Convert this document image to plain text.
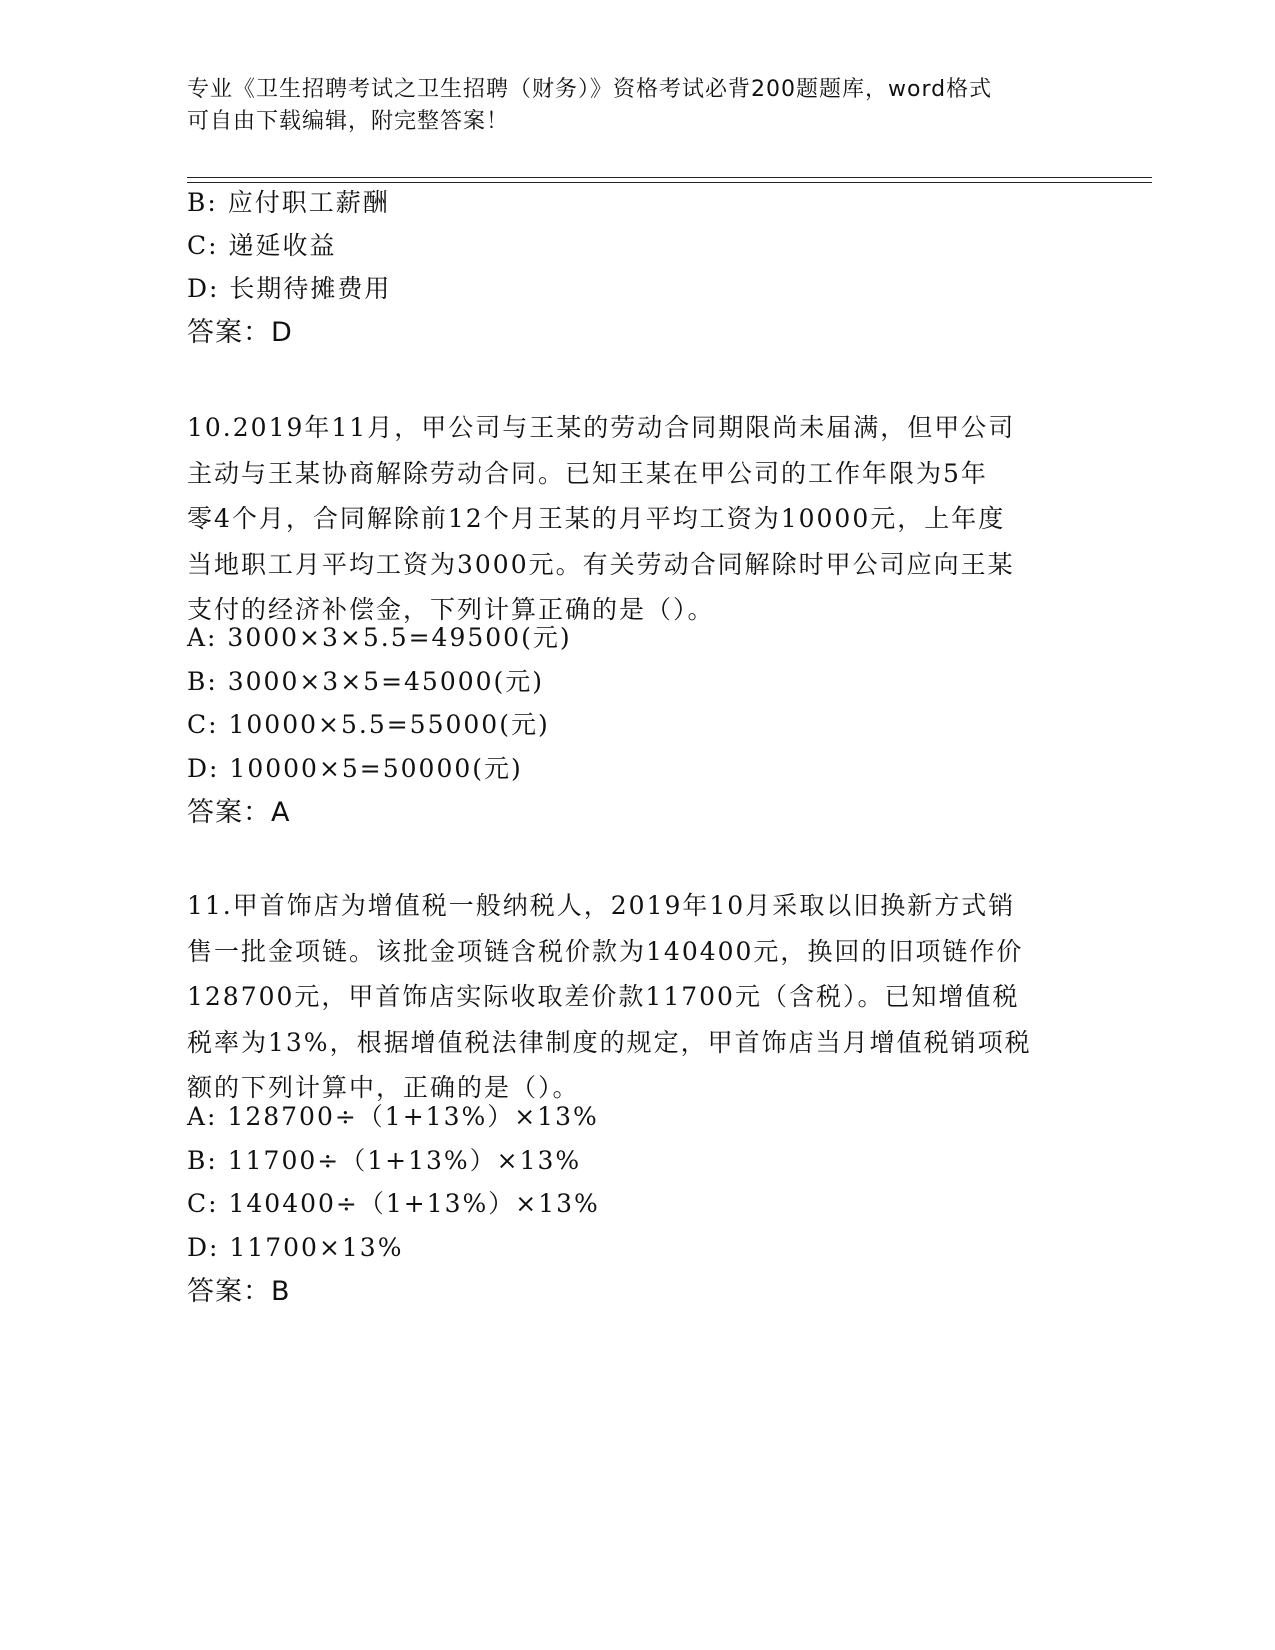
专业《卫生招聘考试之卫生招聘（财务）》资格考试必背200题题库，word格式
可自由下载编辑，附完整答案！
B: 应付职工薪酬
C: 递延收益
D: 长期待摊费用
答案：D
10.2019年11月，甲公司与王某的劳动合同期限尚未届满，但甲公司
主动与王某协商解除劳动合同。已知王某在甲公司的工作年限为5年
零4个月，合同解除前12个月王某的月平均工资为10000元，上年度
当地职工月平均工资为3000元。有关劳动合同解除时甲公司应向王某
支付的经济补偿金，下列计算正确的是（）。
A: 3000×3×5.5=49500(元)
B: 3000×3×5=45000(元)
C: 10000×5.5=55000(元)
D: 10000×5=50000(元)
答案：A
11.甲首饰店为增值税一般纳税人，2019年10月采取以旧换新方式销
售一批金项链。该批金项链含税价款为140400元，换回的旧项链作价
128700元，甲首饰店实际收取差价款11700元（含税）。已知增值税
税率为13%，根据增值税法律制度的规定，甲首饰店当月增值税销项税
额的下列计算中，正确的是（）。
A: 128700÷（1+13%）×13%
B: 11700÷（1+13%）×13%
C: 140400÷（1+13%）×13%
D: 11700×13%
答案：B
